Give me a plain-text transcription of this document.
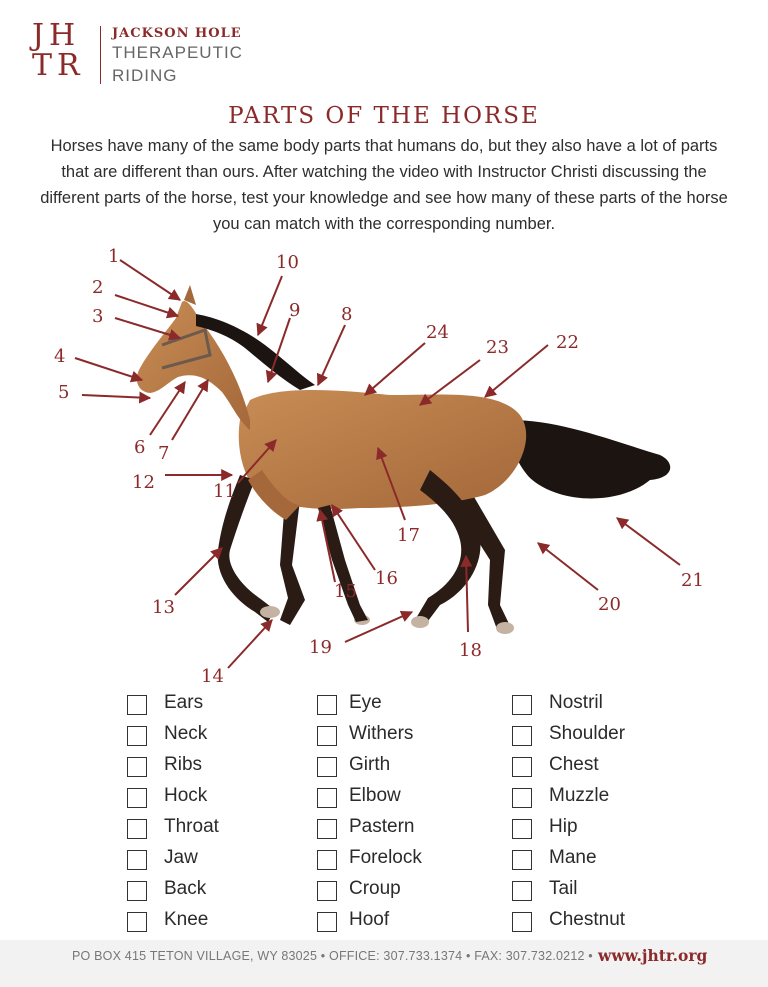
JH
TR
JACKSON HOLE
THERAPEUTIC
RIDING
PARTS OF THE HORSE
Horses have many of the same body parts that humans do, but they also have a lot of parts that are different than ours. After watching the video with Instructor Christi discussing the different parts of the horse, test your knowledge and see how many of these parts of the horse you can match with the corresponding number.
1
2
3
4
5
6 7
8
9
10
11
12
13
14
15
16
17
18
19
20
21
22
23
24
Ears
Neck
Ribs
Hock
Throat
Jaw
Back
Knee
Eye
Withers
Girth
Elbow
Pastern
Forelock
Croup
Hoof
Nostril
Shoulder
Chest
Muzzle
Hip
Mane
Tail
Chestnut
PO BOX 415 TETON VILLAGE, WY 83025 • OFFICE: 307.733.1374 • FAX: 307.732.0212 • www.jhtr.org
